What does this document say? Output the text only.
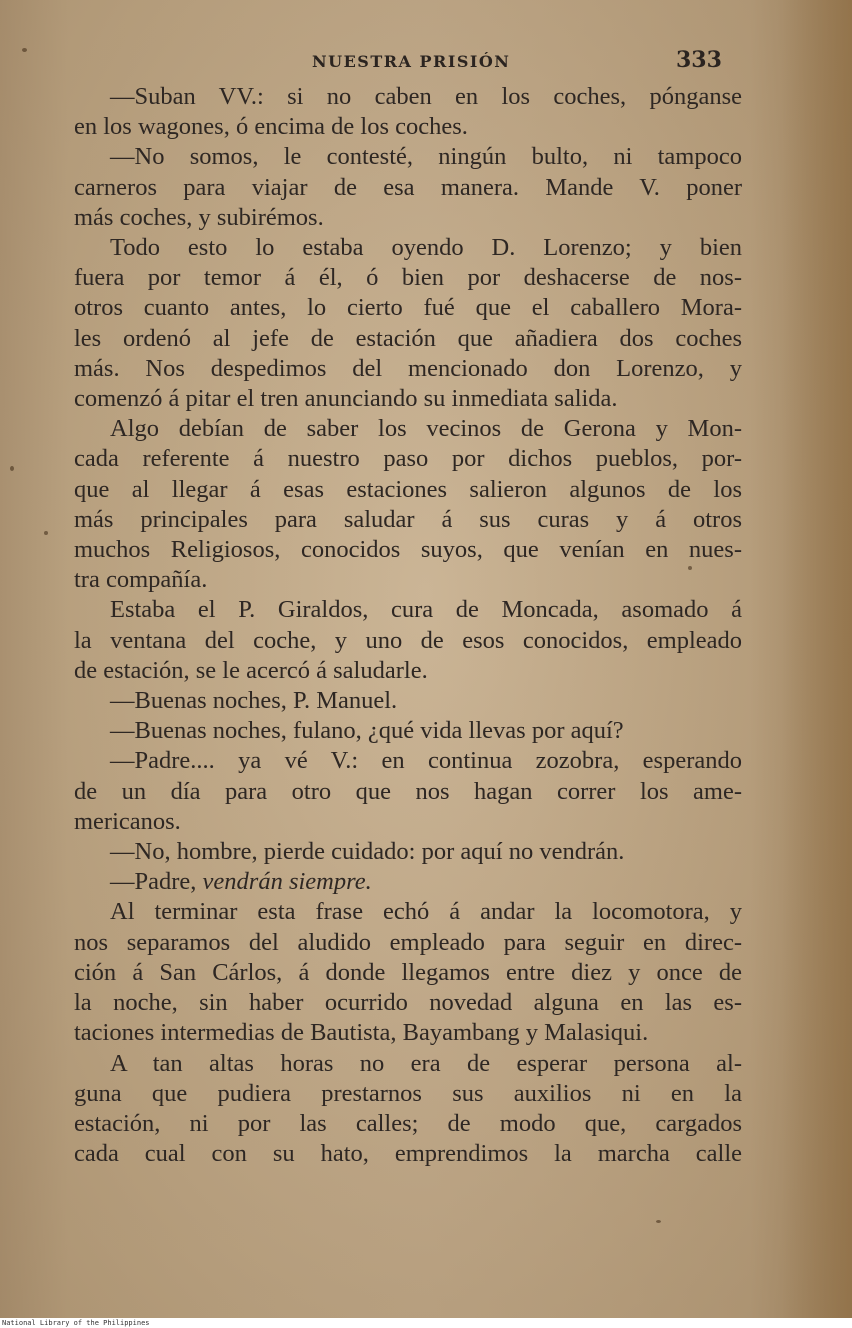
NUESTRA PRISIÓN	333
—Suban VV.: si no caben en los coches, pónganse
en los wagones, ó encima de los coches.
—No somos, le contesté, ningún bulto, ni tampoco
carneros para viajar de esa manera. Mande V. poner
más coches, y subirémos.
Todo esto lo estaba oyendo D. Lorenzo; y bien
fuera por temor á él, ó bien por deshacerse de nos-
otros cuanto antes, lo cierto fué que el caballero Mora-
les ordenó al jefe de estación que añadiera dos coches
más. Nos despedimos del mencionado don Lorenzo, y
comenzó á pitar el tren anunciando su inmediata salida.
Algo debían de saber los vecinos de Gerona y Mon-
cada referente á nuestro paso por dichos pueblos, por-
que al llegar á esas estaciones salieron algunos de los
más principales para saludar á sus curas y á otros
muchos Religiosos, conocidos suyos, que venían en nues-
tra compañía.
Estaba el P. Giraldos, cura de Moncada, asomado á
la ventana del coche, y uno de esos conocidos, empleado
de estación, se le acercó á saludarle.
—Buenas noches, P. Manuel.
—Buenas noches, fulano, ¿qué vida llevas por aquí?
—Padre.... ya vé V.: en continua zozobra, esperando
de un día para otro que nos hagan correr los ame-
mericanos.
—No, hombre, pierde cuidado: por aquí no vendrán.
—Padre, vendrán siempre.
Al terminar esta frase echó á andar la locomotora, y
nos separamos del aludido empleado para seguir en direc-
ción á San Cárlos, á donde llegamos entre diez y once de
la noche, sin haber ocurrido novedad alguna en las es-
taciones intermedias de Bautista, Bayambang y Malasiqui.
A tan altas horas no era de esperar persona al-
guna que pudiera prestarnos sus auxilios ni en la
estación, ni por las calles; de modo que, cargados
cada cual con su hato, emprendimos la marcha calle
National Library of the Philippines
